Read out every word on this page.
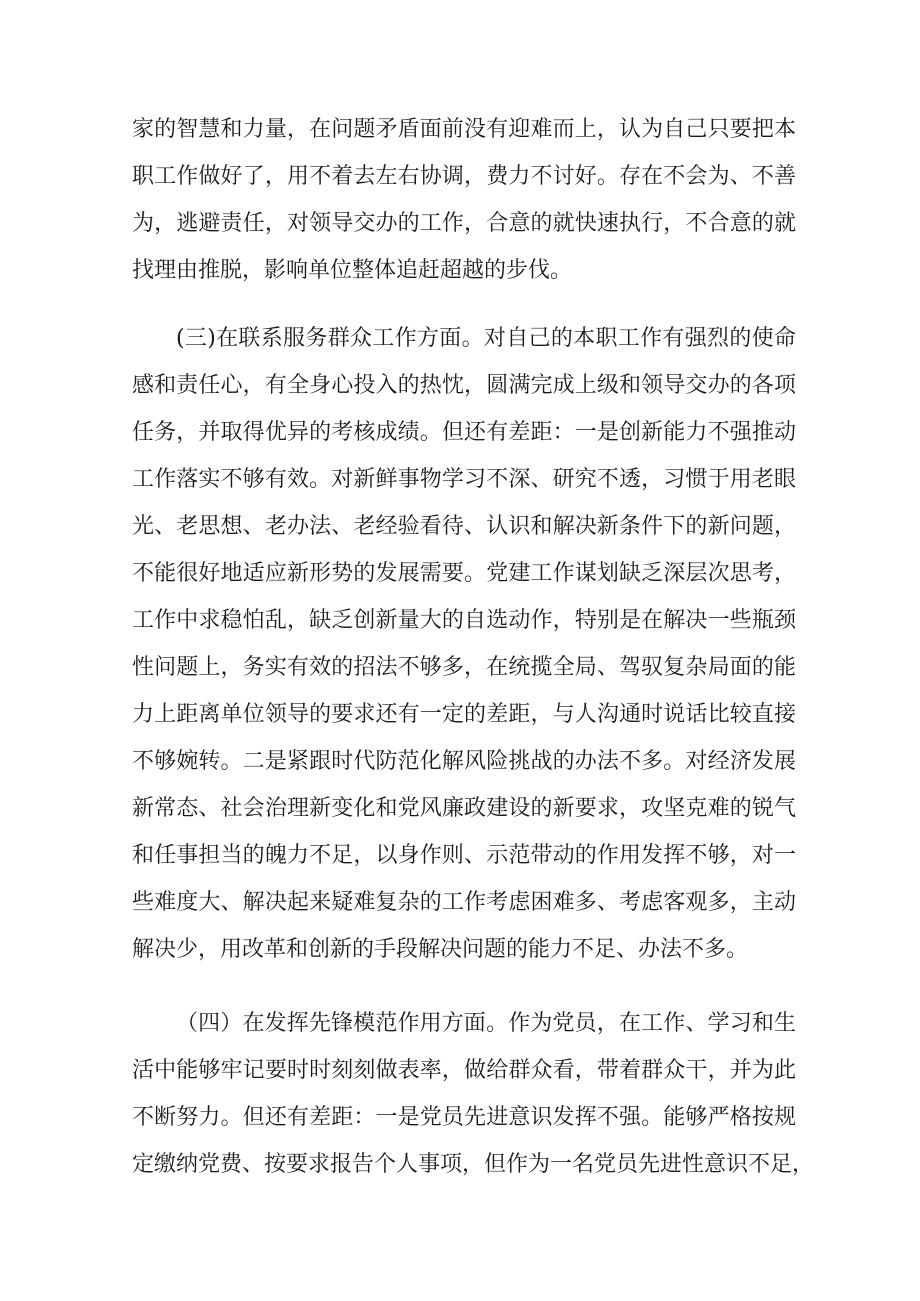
家的智慧和力量，在问题矛盾面前没有迎难而上，认为自己只要把本
职工作做好了，用不着去左右协调，费力不讨好。存在不会为、不善
为，逃避责任，对领导交办的工作，合意的就快速执行，不合意的就
找理由推脱，影响单位整体追赶超越的步伐。
(三)在联系服务群众工作方面。对自己的本职工作有强烈的使命
感和责任心，有全身心投入的热忱，圆满完成上级和领导交办的各项
任务，并取得优异的考核成绩。但还有差距：一是创新能力不强推动
工作落实不够有效。对新鲜事物学习不深、研究不透，习惯于用老眼
光、老思想、老办法、老经验看待、认识和解决新条件下的新问题，
不能很好地适应新形势的发展需要。党建工作谋划缺乏深层次思考，
工作中求稳怕乱，缺乏创新量大的自选动作，特别是在解决一些瓶颈
性问题上，务实有效的招法不够多，在统揽全局、驾驭复杂局面的能
力上距离单位领导的要求还有一定的差距，与人沟通时说话比较直接
不够婉转。二是紧跟时代防范化解风险挑战的办法不多。对经济发展
新常态、社会治理新变化和党风廉政建设的新要求，攻坚克难的锐气
和任事担当的魄力不足，以身作则、示范带动的作用发挥不够，对一
些难度大、解决起来疑难复杂的工作考虑困难多、考虑客观多，主动
解决少，用改革和创新的手段解决问题的能力不足、办法不多。
（四）在发挥先锋模范作用方面。作为党员，在工作、学习和生
活中能够牢记要时时刻刻做表率，做给群众看，带着群众干，并为此
不断努力。但还有差距：一是党员先进意识发挥不强。能够严格按规
定缴纳党费、按要求报告个人事项，但作为一名党员先进性意识不足，
